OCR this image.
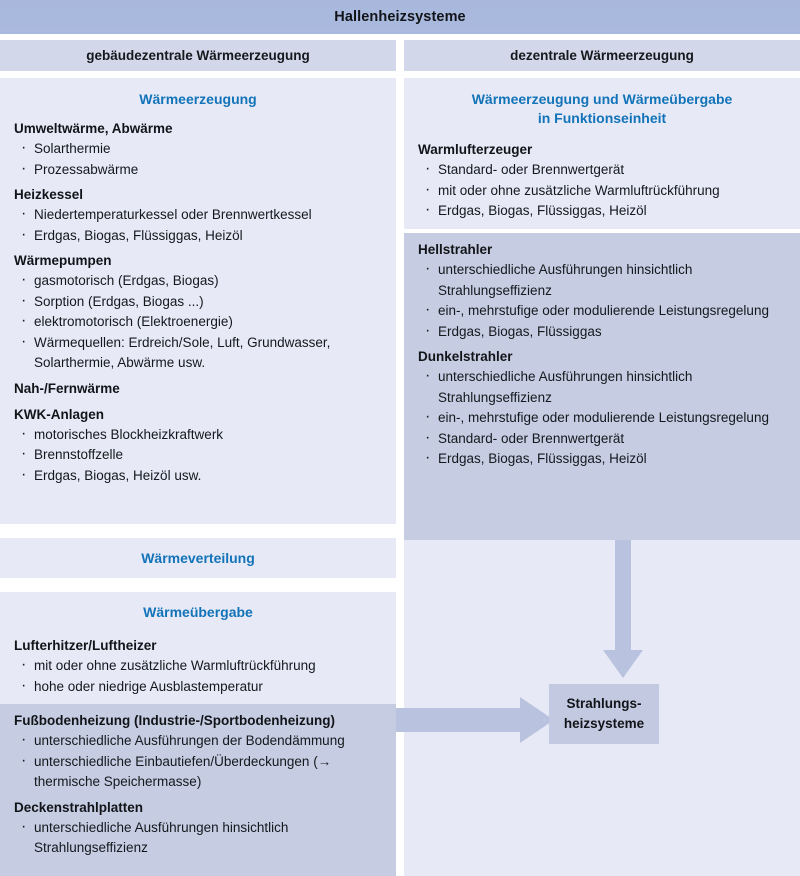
Hallenheizsysteme
gebäudezentrale Wärmeerzeugung	dezentrale Wärmeerzeugung
Wärmeerzeugung
Umweltwärme, Abwärme
· Solarthermie
· Prozessabwärme
Heizkessel
· Niedertemperaturkessel oder Brennwertkessel
· Erdgas, Biogas, Flüssiggas, Heizöl
Wärmepumpen
· gasmotorisch (Erdgas, Biogas)
· Sorption (Erdgas, Biogas ...)
· elektromotorisch (Elektroenergie)
· Wärmequellen: Erdreich/Sole, Luft, Grundwasser, Solarthermie, Abwärme usw.
Nah-/Fernwärme
KWK-Anlagen
· motorisches Blockheizkraftwerk
· Brennstoffzelle
· Erdgas, Biogas, Heizöl usw.
Wärmeverteilung
Wärmeübergabe
Lufterhitzer/Luftheizer
· mit oder ohne zusätzliche Warmluftrückführung
· hohe oder niedrige Ausblastemperatur
Fußbodenheizung (Industrie-/Sportbodenheizung)
· unterschiedliche Ausführungen der Bodendämmung
· unterschiedliche Einbautiefen/Überdeckungen (→ thermische Speichermasse)
Deckenstrahlplatten
· unterschiedliche Ausführungen hinsichtlich Strahlungseffizienz
Wärmeerzeugung und Wärmeübergabe
in Funktionseinheit
Warmlufterzeuger
· Standard- oder Brennwertgerät
· mit oder ohne zusätzliche Warmluftrückführung
· Erdgas, Biogas, Flüssiggas, Heizöl
Hellstrahler
· unterschiedliche Ausführungen hinsichtlich Strahlungseffizienz
· ein-, mehrstufige oder modulierende Leistungsregelung
· Erdgas, Biogas, Flüssiggas
Dunkelstrahler
· unterschiedliche Ausführungen hinsichtlich Strahlungseffizienz
· ein-, mehrstufige oder modulierende Leistungsregelung
· Standard- oder Brennwertgerät
· Erdgas, Biogas, Flüssiggas, Heizöl
Strahlungs-
heizsysteme
